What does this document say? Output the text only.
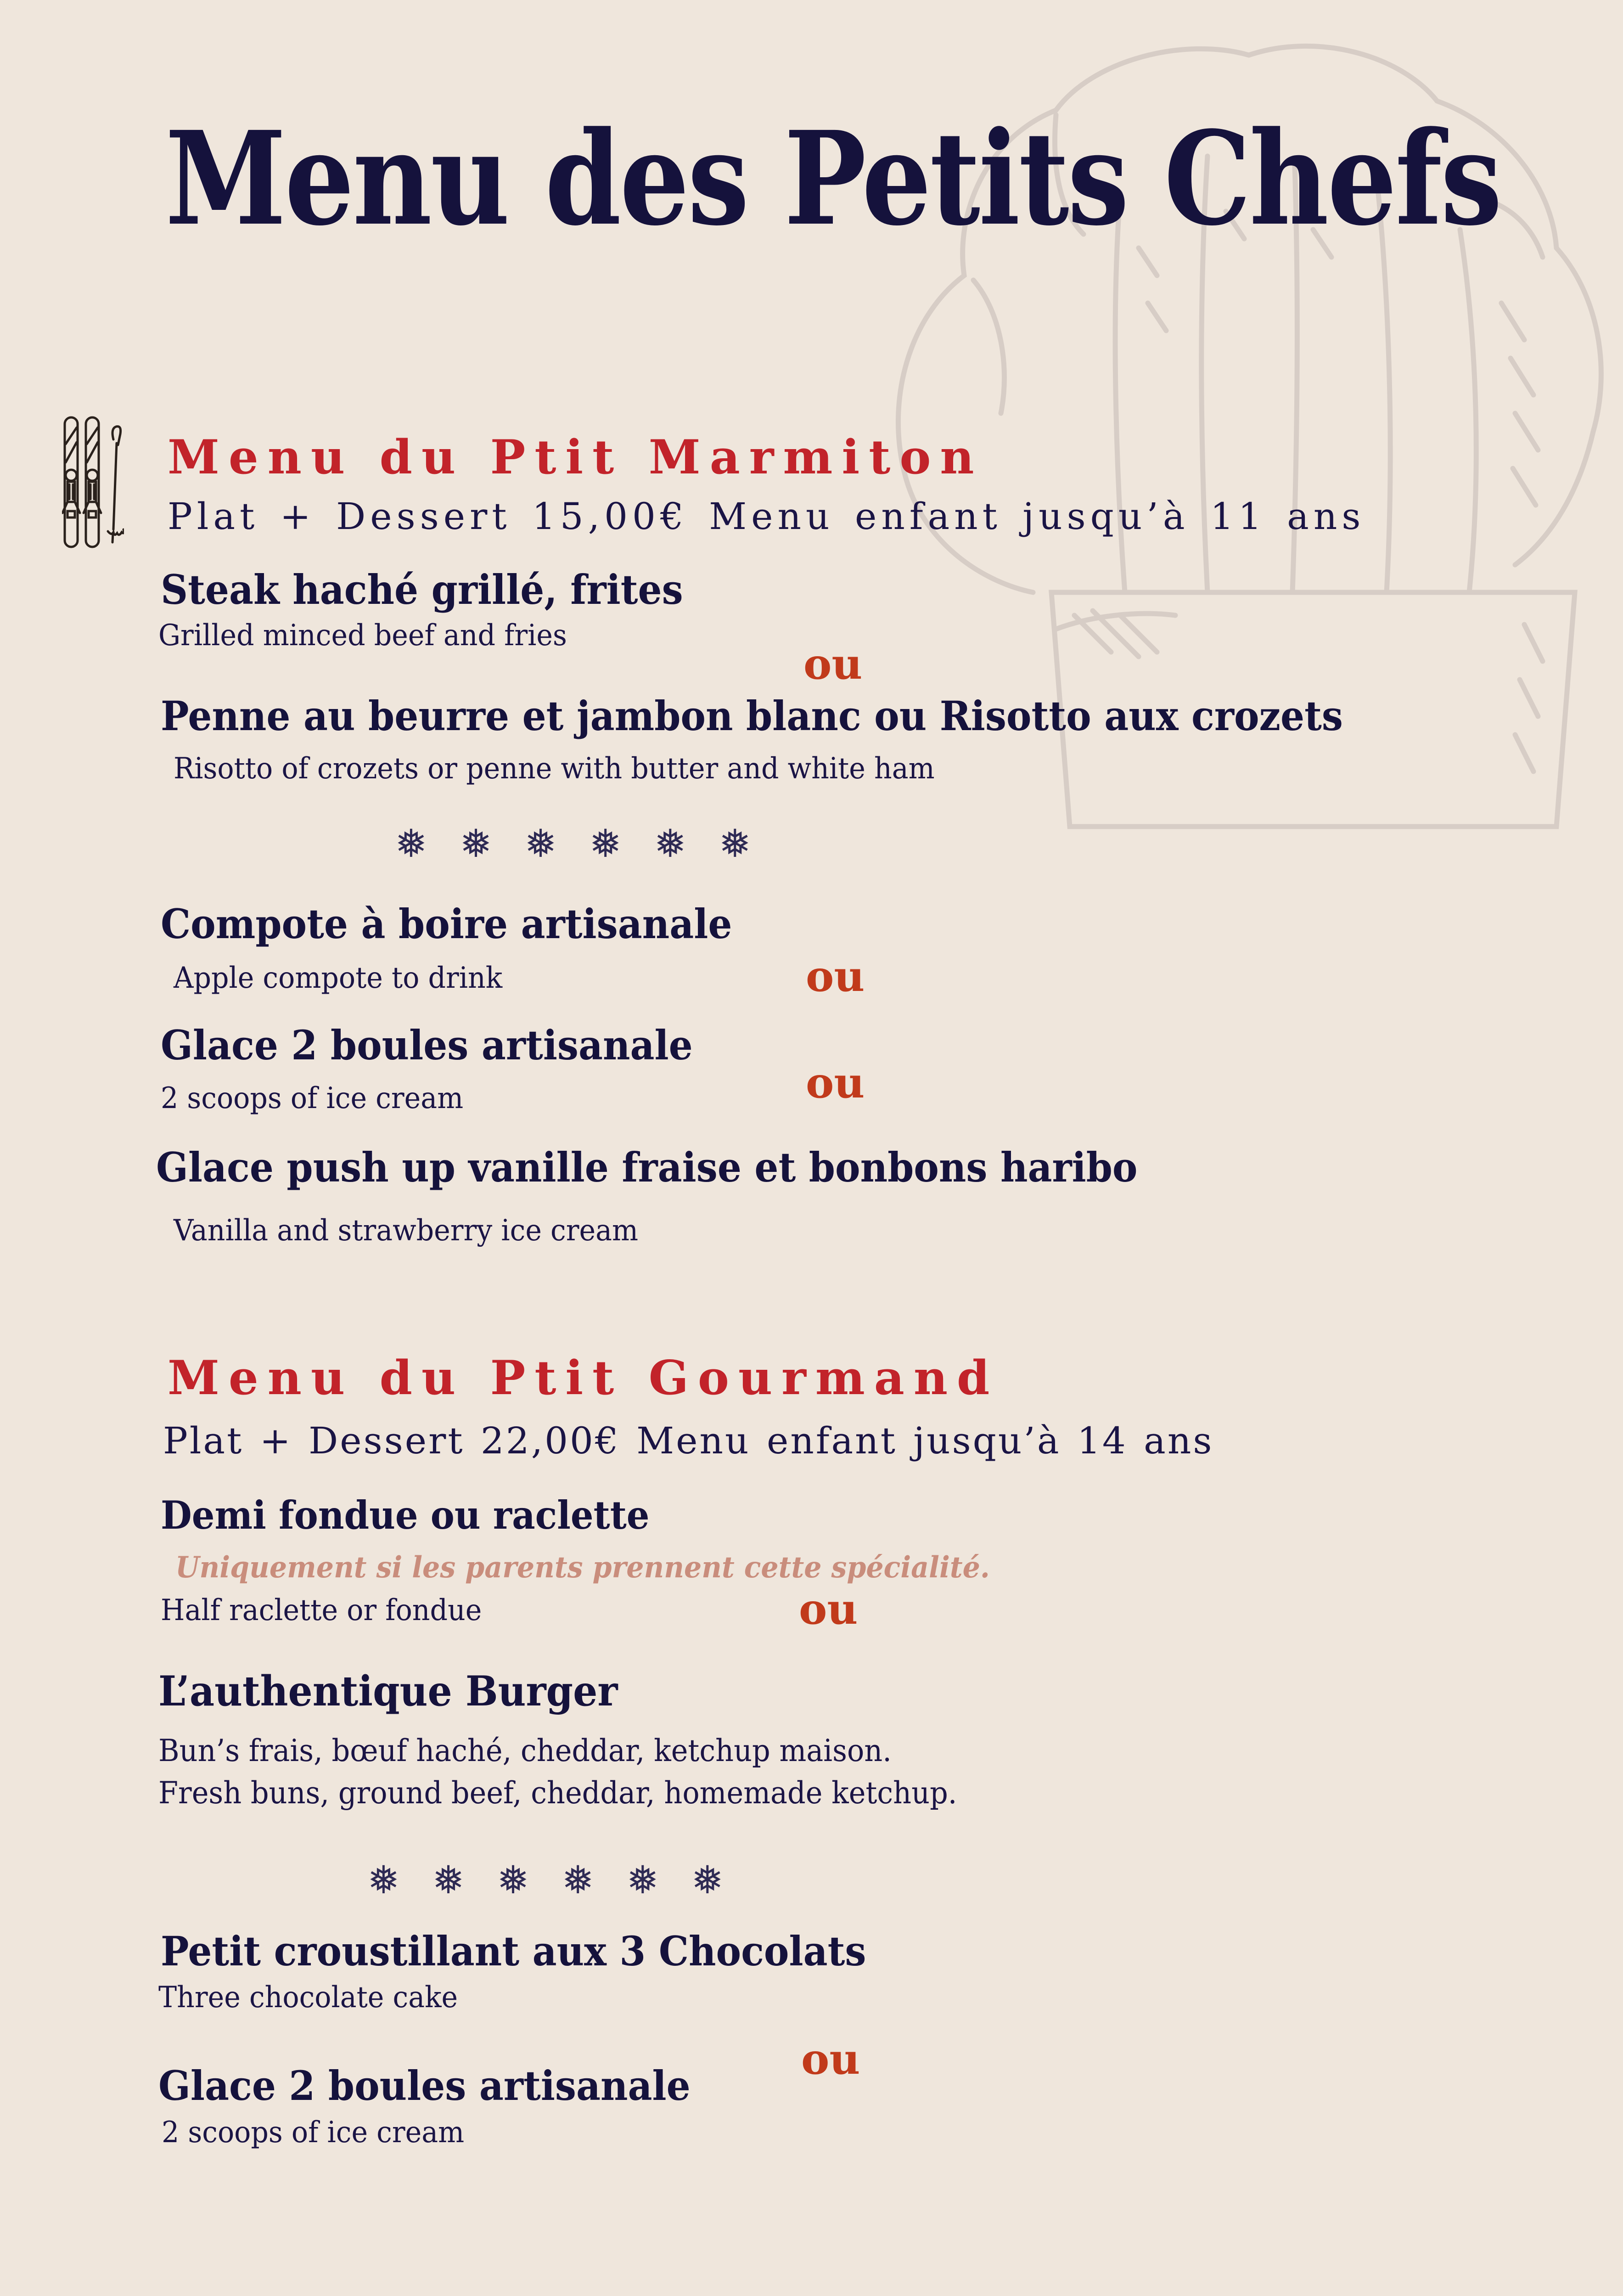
Menu des Petits Chefs
Menu du Ptit Marmiton
Plat + Dessert 15,00€ Menu enfant jusqu’à 11 ans
Steak haché grillé, frites
Grilled minced beef and fries
ou
Penne au beurre et jambon blanc ou Risotto aux crozets
Risotto of crozets or penne with butter and white ham
❅ ❅ ❅ ❅ ❅ ❅
Compote à boire artisanale
Apple compote to drink	ou
Glace 2 boules artisanale
2 scoops of ice cream	ou
Glace push up vanille fraise et bonbons haribo
Vanilla and strawberry ice cream
Menu du Ptit Gourmand
Plat + Dessert 22,00€ Menu enfant jusqu’à 14 ans
Demi fondue ou raclette
Uniquement si les parents prennent cette spécialité.
Half raclette or fondue	ou
L’authentique Burger
Bun’s frais, bœuf haché, cheddar, ketchup maison.
Fresh buns, ground beef, cheddar, homemade ketchup.
❅ ❅ ❅ ❅ ❅ ❅
Petit croustillant aux 3 Chocolats
Three chocolate cake
ou
Glace 2 boules artisanale
2 scoops of ice cream
